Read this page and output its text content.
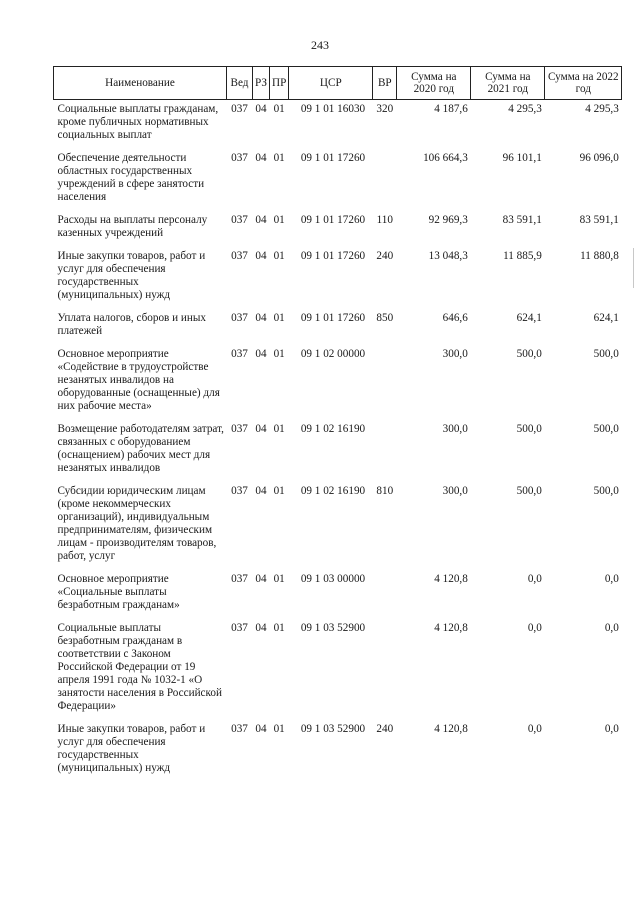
243
Наименование	Вед	РЗ	ПР	ЦСР	ВР	Сумма на 2020 год	Сумма на 2021 год	Сумма на 2022 год
Социальные выплаты гражданам, кроме публичных нормативных социальных выплат	037	04	01	09 1 01 16030	320	4 187,6	4 295,3	4 295,3
Обеспечение деятельности областных государственных учреждений в сфере занятости населения	037	04	01	09 1 01 17260		106 664,3	96 101,1	96 096,0
Расходы на выплаты персоналу казенных учреждений	037	04	01	09 1 01 17260	110	92 969,3	83 591,1	83 591,1
Иные закупки товаров, работ и услуг для обеспечения государственных (муниципальных) нужд	037	04	01	09 1 01 17260	240	13 048,3	11 885,9	11 880,8
Уплата налогов, сборов и иных платежей	037	04	01	09 1 01 17260	850	646,6	624,1	624,1
Основное мероприятие «Содействие в трудоустройстве незанятых инвалидов на оборудованные (оснащенные) для них рабочие места»	037	04	01	09 1 02 00000		300,0	500,0	500,0
Возмещение работодателям затрат, связанных с оборудованием (оснащением) рабочих мест для незанятых инвалидов	037	04	01	09 1 02 16190		300,0	500,0	500,0
Субсидии юридическим лицам (кроме некоммерческих организаций), индивидуальным предпринимателям, физическим лицам - производителям товаров, работ, услуг	037	04	01	09 1 02 16190	810	300,0	500,0	500,0
Основное мероприятие «Социальные выплаты безработным гражданам»	037	04	01	09 1 03 00000		4 120,8	0,0	0,0
Социальные выплаты безработным гражданам в соответствии с Законом Российской Федерации от 19 апреля 1991 года № 1032-1 «О занятости населения в Российской Федерации»	037	04	01	09 1 03 52900		4 120,8	0,0	0,0
Иные закупки товаров, работ и услуг для обеспечения государственных (муниципальных) нужд	037	04	01	09 1 03 52900	240	4 120,8	0,0	0,0
